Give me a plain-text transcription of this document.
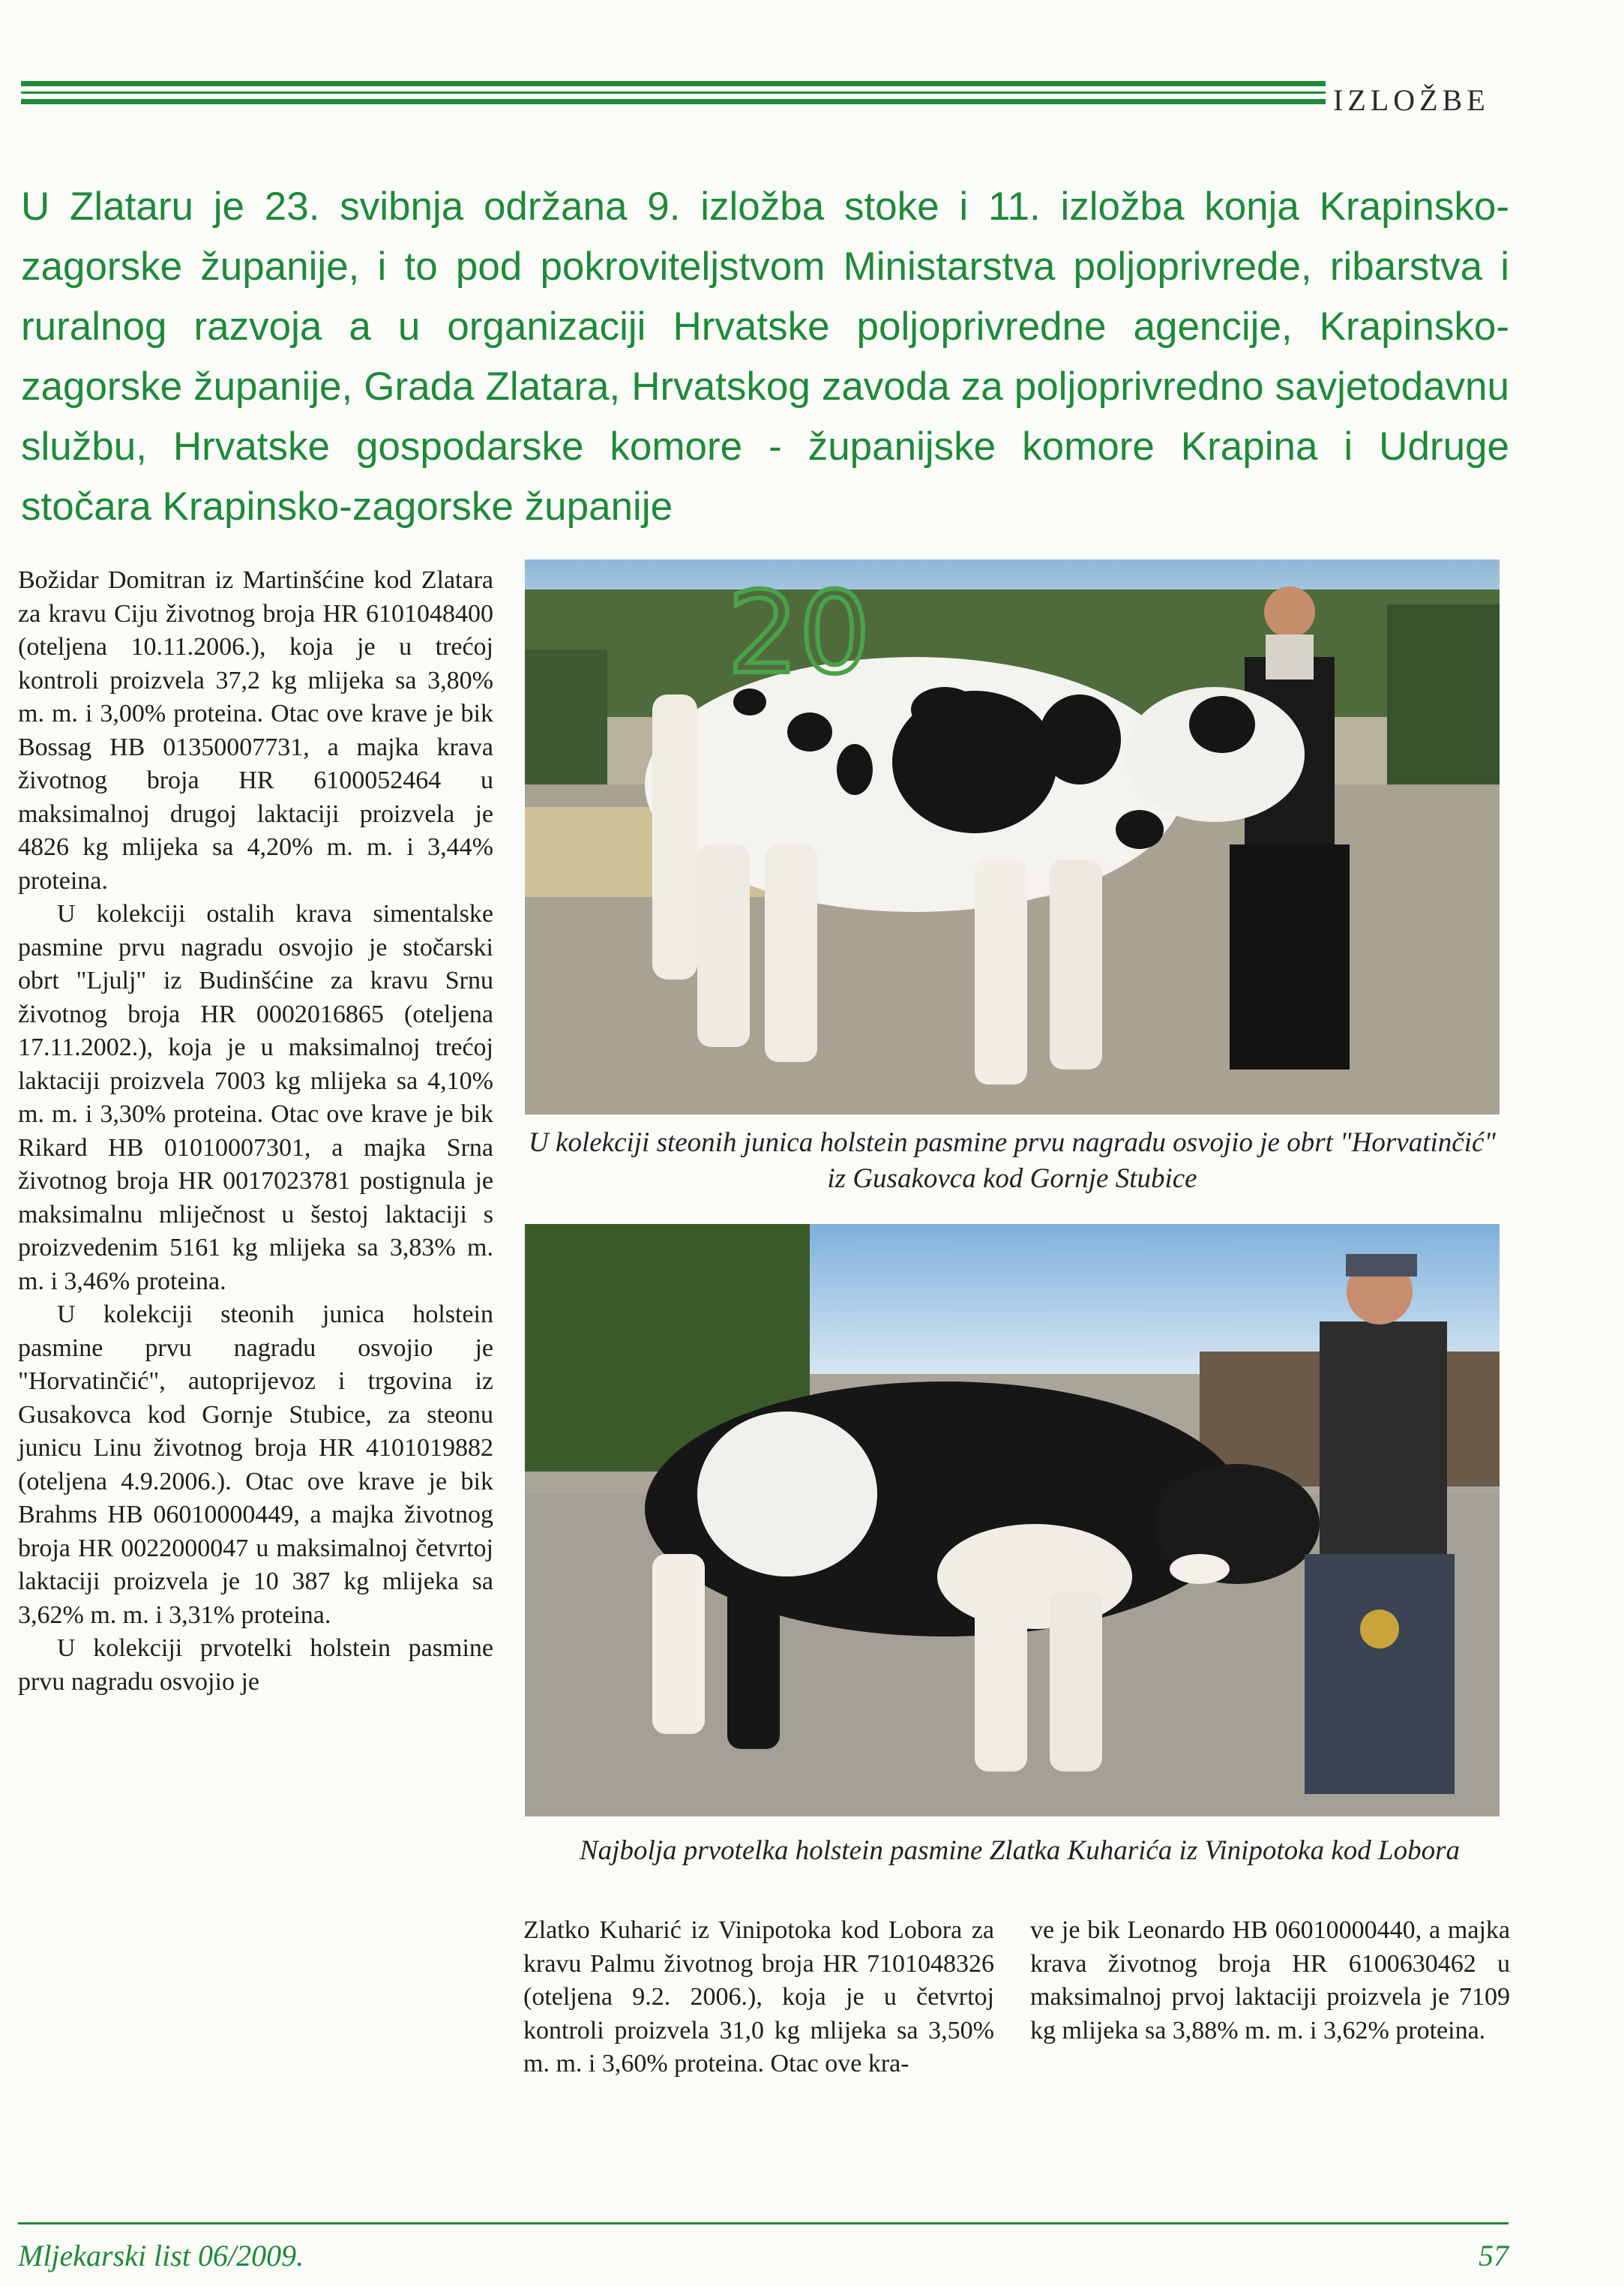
IZLOŽBE
U Zlataru je 23. svibnja održana 9. izložba stoke i 11. izložba konja Krapinsko-zagorske županije, i to pod pokroviteljstvom Ministarstva poljoprivrede, ribarstva i ruralnog razvoja a u organizaciji Hrvatske poljoprivredne agencije, Krapinsko-zagorske županije, Grada Zlatara, Hrvatskog zavoda za poljoprivredno savjetodavnu službu, Hrvatske gospodarske komore - županijske komore Krapina i Udruge stočara Krapinsko-zagorske županije

Božidar Domitran iz Martinšćine kod Zlatara za kravu Ciju životnog broja HR 6101048400 (oteljena 10.11.2006.), koja je u trećoj kontroli proizvela 37,2 kg mlijeka sa 3,80% m. m. i 3,00% proteina. Otac ove krave je bik Bossag HB 01350007731, a majka krava životnog broja HR 6100052464 u maksimalnoj drugoj laktaciji proizvela je 4826 kg mlijeka sa 4,20% m. m. i 3,44% proteina.

U kolekciji ostalih krava simentalske pasmine prvu nagradu osvojio je stočarski obrt "Ljulj" iz Budinšćine za kravu Srnu životnog broja HR 0002016865 (oteljena 17.11.2002.), koja je u maksimalnoj trećoj laktaciji proizvela 7003 kg mlijeka sa 4,10% m. m. i 3,30% proteina. Otac ove krave je bik Rikard HB 01010007301, a majka Srna životnog broja HR 0017023781 postignula je maksimalnu mliječnost u šestoj laktaciji s proizvedenim 5161 kg mlijeka sa 3,83% m. m. i 3,46% proteina.

U kolekciji steonih junica holstein pasmine prvu nagradu osvojio je "Horvatinčić", autoprijevoz i trgovina iz Gusakovca kod Gornje Stubice, za steonu junicu Linu životnog broja HR 4101019882 (oteljena 4.9.2006.). Otac ove krave je bik Brahms HB 06010000449, a majka životnog broja HR 0022000047 u maksimalnoj četvrtoj laktaciji proizvela je 10 387 kg mlijeka sa 3,62% m. m. i 3,31% proteina.

U kolekciji prvotelki holstein pasmine prvu nagradu osvojio je

20
U kolekciji steonih junica holstein pasmine prvu nagradu osvojio je obrt "Horvatinčić" iz Gusakovca kod Gornje Stubice
Najbolja prvotelka holstein pasmine Zlatka Kuharića iz Vinipotoka kod Lobora

Zlatko Kuharić iz Vinipotoka kod Lobora za kravu Palmu životnog broja HR 7101048326 (oteljena 9.2. 2006.), koja je u četvrtoj kontroli proizvela 31,0 kg mlijeka sa 3,50% m. m. i 3,60% proteina. Otac ove kra-

ve je bik Leonardo HB 06010000440, a majka krava životnog broja HR 6100630462 u maksimalnoj prvoj laktaciji proizvela je 7109 kg mlijeka sa 3,88% m. m. i 3,62% proteina.

Mljekarski list 06/2009.	57
